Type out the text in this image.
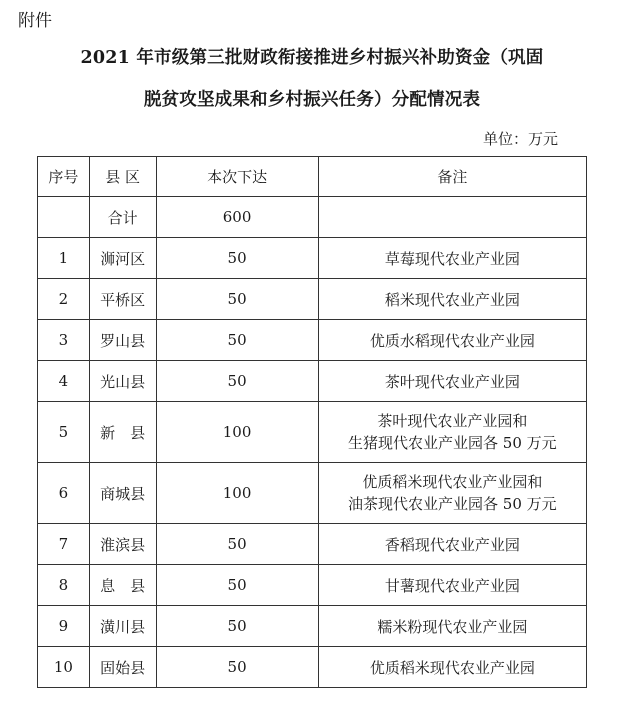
附件
2021 年市级第三批财政衔接推进乡村振兴补助资金（巩固
脱贫攻坚成果和乡村振兴任务）分配情况表
单位：万元
序号	县 区	本次下达	备注
	合计	600	
1	浉河区	50	草莓现代农业产业园
2	平桥区	50	稻米现代农业产业园
3	罗山县	50	优质水稻现代农业产业园
4	光山县	50	茶叶现代农业产业园
5	新　县	100	茶叶现代农业产业园和
生猪现代农业产业园各 50 万元

6	商城县	100	优质稻米现代农业产业园和
油茶现代农业产业园各 50 万元

7	淮滨县	50	香稻现代农业产业园
8	息　县	50	甘薯现代农业产业园
9	潢川县	50	糯米粉现代农业产业园
10	固始县	50	优质稻米现代农业产业园
